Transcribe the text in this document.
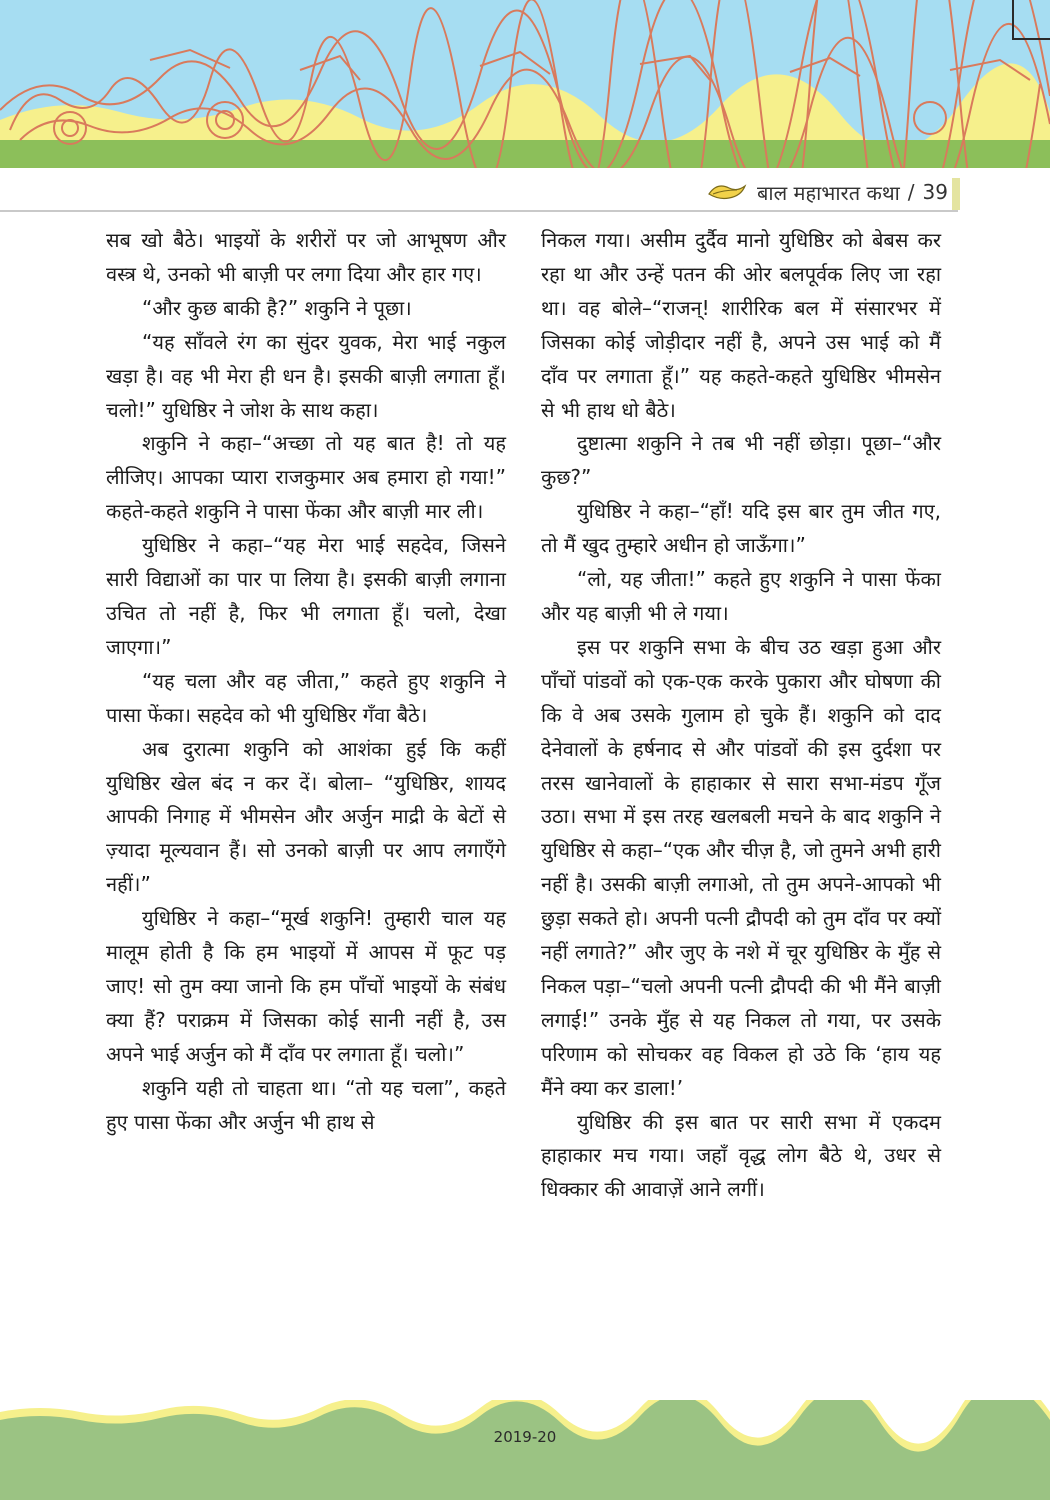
बाल महाभारत कथा / 39

सब खो बैठे। भाइयों के शरीरों पर जो आभूषण और वस्त्र थे, उनको भी बाज़ी पर लगा दिया और हार गए।

“और कुछ बाकी है?” शकुनि ने पूछा।

“यह साँवले रंग का सुंदर युवक, मेरा भाई नकुल खड़ा है। वह भी मेरा ही धन है। इसकी बाज़ी लगाता हूँ। चलो!” युधिष्ठिर ने जोश के साथ कहा।

शकुनि ने कहा–“अच्छा तो यह बात है! तो यह लीजिए। आपका प्यारा राजकुमार अब हमारा हो गया!” कहते-कहते शकुनि ने पासा फेंका और बाज़ी मार ली।

युधिष्ठिर ने कहा–“यह मेरा भाई सहदेव, जिसने सारी विद्याओं का पार पा लिया है। इसकी बाज़ी लगाना उचित तो नहीं है, फिर भी लगाता हूँ। चलो, देखा जाएगा।”

“यह चला और वह जीता,” कहते हुए शकुनि ने पासा फेंका। सहदेव को भी युधिष्ठिर गँवा बैठे।

अब दुरात्मा शकुनि को आशंका हुई कि कहीं युधिष्ठिर खेल बंद न कर दें। बोला– “युधिष्ठिर, शायद आपकी निगाह में भीमसेन और अर्जुन माद्री के बेटों से ज़्यादा मूल्यवान हैं। सो उनको बाज़ी पर आप लगाएँगे नहीं।”

युधिष्ठिर ने कहा–“मूर्ख शकुनि! तुम्हारी चाल यह मालूम होती है कि हम भाइयों में आपस में फूट पड़ जाए! सो तुम क्या जानो कि हम पाँचों भाइयों के संबंध क्या हैं? पराक्रम में जिसका कोई सानी नहीं है, उस अपने भाई अर्जुन को मैं दाँव पर लगाता हूँ। चलो।”

शकुनि यही तो चाहता था। “तो यह चला”, कहते हुए पासा फेंका और अर्जुन भी हाथ से

निकल गया। असीम दुर्दैव मानो युधिष्ठिर को बेबस कर रहा था और उन्हें पतन की ओर बलपूर्वक लिए जा रहा था। वह बोले–“राजन्! शारीरिक बल में संसारभर में जिसका कोई जोड़ीदार नहीं है, अपने उस भाई को मैं दाँव पर लगाता हूँ।” यह कहते-कहते युधिष्ठिर भीमसेन से भी हाथ धो बैठे।

दुष्टात्मा शकुनि ने तब भी नहीं छोड़ा। पूछा–“और कुछ?”

युधिष्ठिर ने कहा–“हाँ! यदि इस बार तुम जीत गए, तो मैं खुद तुम्हारे अधीन हो जाऊँगा।”

“लो, यह जीता!” कहते हुए शकुनि ने पासा फेंका और यह बाज़ी भी ले गया।

इस पर शकुनि सभा के बीच उठ खड़ा हुआ और पाँचों पांडवों को एक-एक करके पुकारा और घोषणा की कि वे अब उसके गुलाम हो चुके हैं। शकुनि को दाद देनेवालों के हर्षनाद से और पांडवों की इस दुर्दशा पर तरस खानेवालों के हाहाकार से सारा सभा-मंडप गूँज उठा। सभा में इस तरह खलबली मचने के बाद शकुनि ने युधिष्ठिर से कहा–“एक और चीज़ है, जो तुमने अभी हारी नहीं है। उसकी बाज़ी लगाओ, तो तुम अपने-आपको भी छुड़ा सकते हो। अपनी पत्नी द्रौपदी को तुम दाँव पर क्यों नहीं लगाते?” और जुए के नशे में चूर युधिष्ठिर के मुँह से निकल पड़ा–“चलो अपनी पत्नी द्रौपदी की भी मैंने बाज़ी लगाई!” उनके मुँह से यह निकल तो गया, पर उसके परिणाम को सोचकर वह विकल हो उठे कि ‘हाय यह मैंने क्या कर डाला!’

युधिष्ठिर की इस बात पर सारी सभा में एकदम हाहाकार मच गया। जहाँ वृद्ध लोग बैठे थे, उधर से धिक्कार की आवाज़ें आने लगीं।

2019-20
